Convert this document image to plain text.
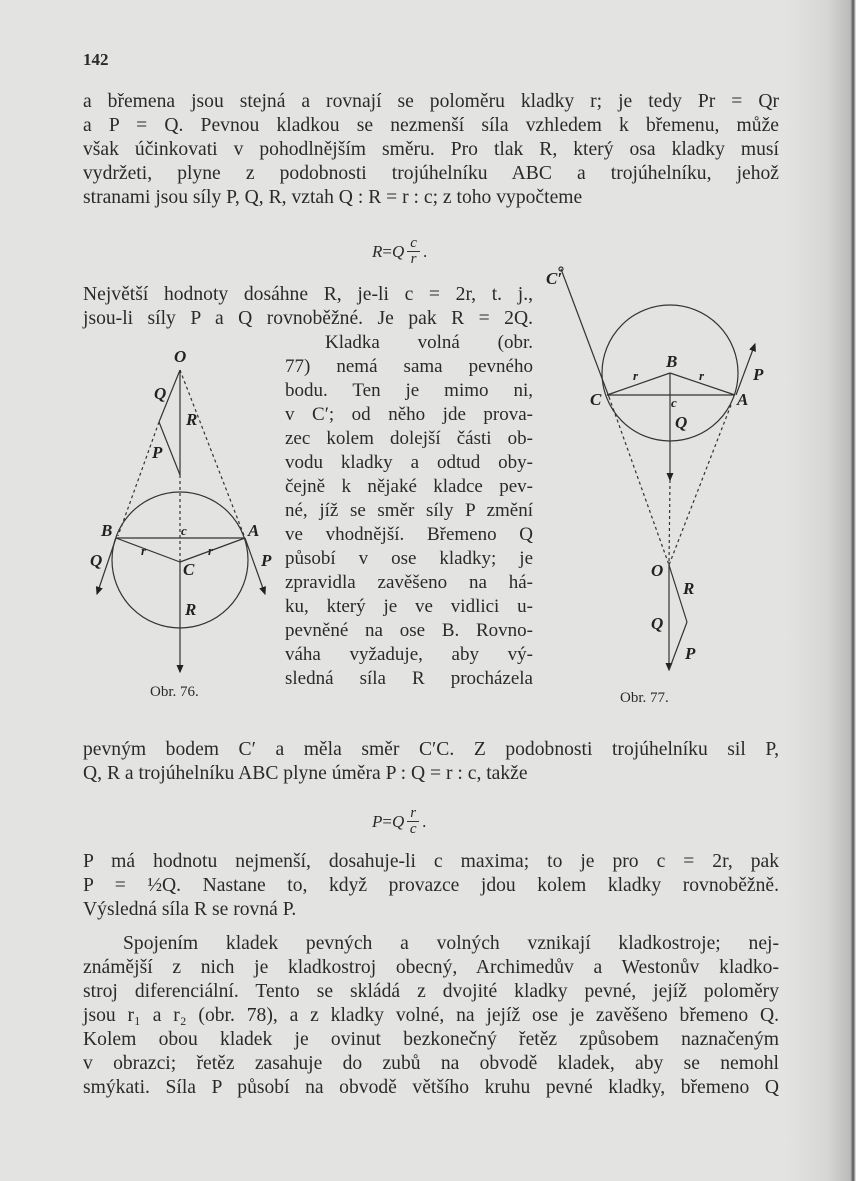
142
a břemena jsou stejná a rovnají se poloměru kladky r; je tedy Pr = Qr
a P = Q. Pevnou kladkou se nezmenší síla vzhledem k břemenu, může
však účinkovati v pohodlnějším směru. Pro tlak R, který osa kladky musí
vydržeti, plyne z podobnosti trojúhelníku ABC a trojúhelníku, jehož
stranami jsou síly P, Q, R, vztah Q : R = r : c; z toho vypočteme
R = Q $\frac{c}{r}$ .
Největší hodnoty dosáhne R, je-li c = 2r, t. j.,
jsou-li síly P a Q rovnoběžné. Je pak R = 2Q.
Kladka volná (obr.
77) nemá sama pevného
bodu. Ten je mimo ni,
v C′; od něho jde prova-
zec kolem dolejší části ob-
vodu kladky a odtud oby-
čejně k nějaké kladce pev-
né, jíž se směr síly P změní
ve vhodnější. Břemeno Q
působí v ose kladky; je
zpravidla zavěšeno na há-
ku, který je ve vidlici u-
pevněné na ose B. Rovno-
váha vyžaduje, aby vý-
sledná síla R procházela
pevným bodem C′ a měla směr C′C. Z podobnosti trojúhelníku sil P,
Q, R a trojúhelníku ABC plyne úměra P : Q = r : c, takže
P = Q $\frac{r}{c}$ .
P má hodnotu nejmenší, dosahuje-li c maxima; to je pro c = 2r, pak
P = ½Q. Nastane to, když provazce jdou kolem kladky rovnoběžně.
Výsledná síla R se rovná P.
Spojením kladek pevných a volných vznikají kladkostroje; nej-
známější z nich je kladkostroj obecný, Archimedův a Westonův kladko-
stroj diferenciální. Tento se skládá z dvojité kladky pevné, jejíž poloměry
jsou r₁ a r₂ (obr. 78), a z kladky volné, na jejíž ose je zavěšeno břemeno Q.
Kolem obou kladek je ovinut bezkonečný řetěz způsobem naznačeným
v obrazci; řetěz zasahuje do zubů na obvodě kladek, aby se nemohl
smýkati. Síla P působí na obvodě většího kruhu pevné kladky, břemeno Q
O
Q
R
P
B	A
c
r	r
C
Q	P
R
C′
C
B
A
r	r
c
Q
P
O
R
Q
P
Obr. 76.	Obr. 77.
